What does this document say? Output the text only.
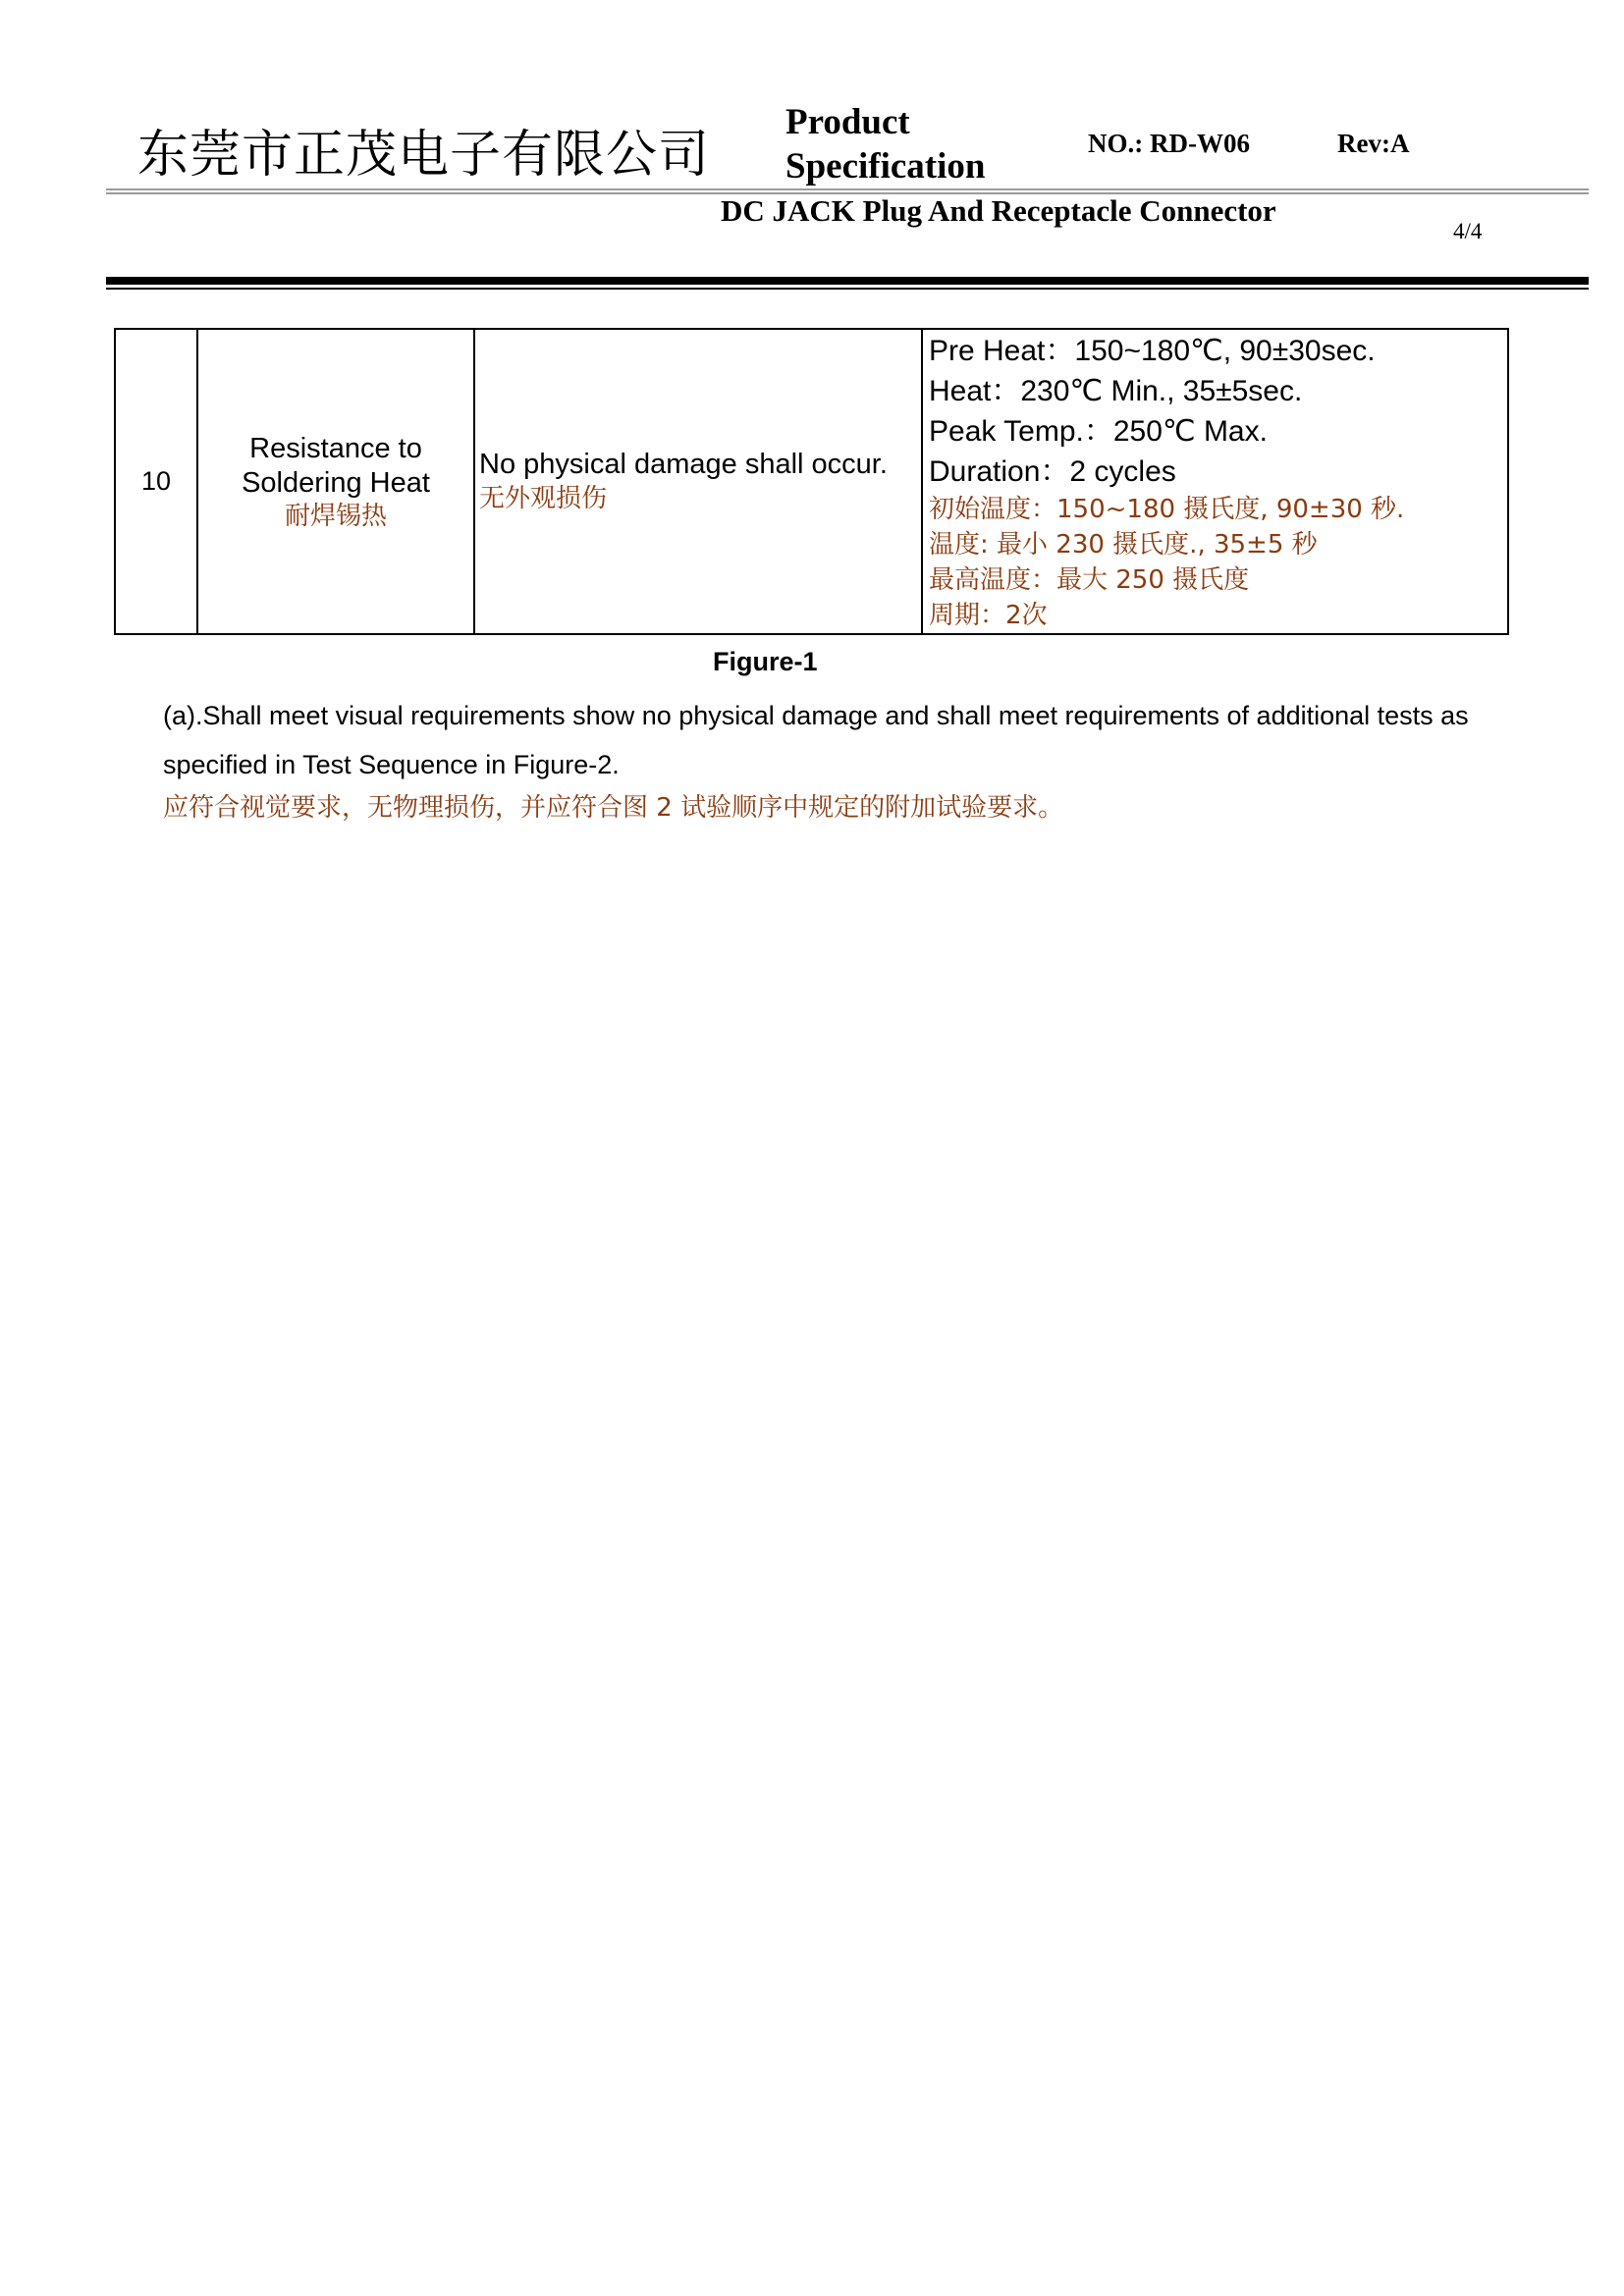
东莞市正茂电子有限公司
Product Specification
NO.: RD-W06	Rev:A
DC JACK Plug And Receptacle Connector
4/4
10	
Resistance to
Soldering Heat
耐焊锡热

No physical damage shall occur.
无外观损伤

Pre Heat：150~180℃, 90±30sec.
Heat：230℃ Min., 35±5sec.
Peak Temp.：250℃ Max.
Duration：2 cycles
初始温度：150~180 摄氏度, 90±30 秒.
温度: 最小 230 摄氏度., 35±5 秒
最高温度：最大 250 摄氏度
周期：2次
Figure-1
(a).Shall meet visual requirements show no physical damage and shall meet requirements of additional tests as specified in Test Sequence in Figure-2.
应符合视觉要求，无物理损伤，并应符合图 2 试验顺序中规定的附加试验要求。
